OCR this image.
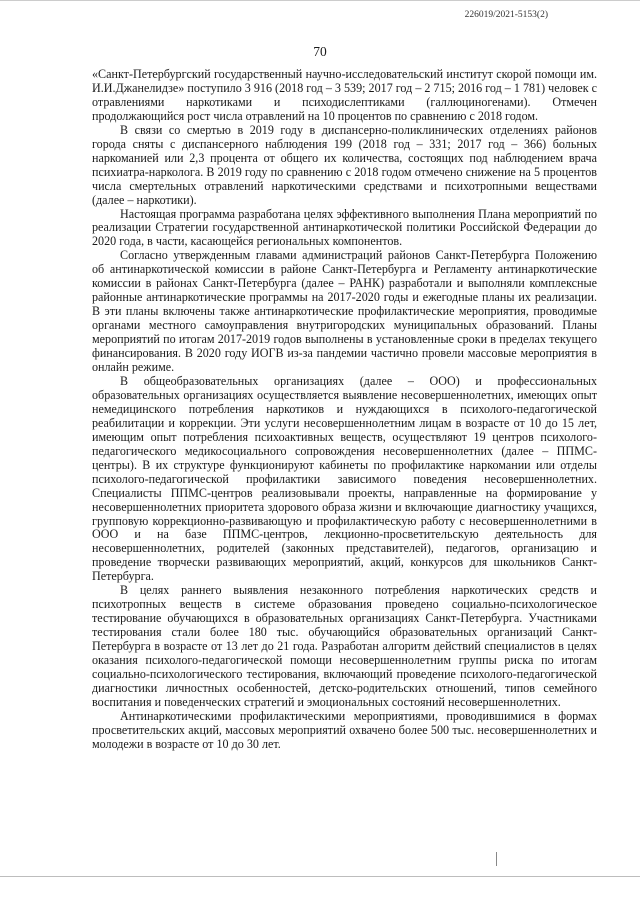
226019/2021-5153(2)
70

«Санкт-Петербургский государственный научно-исследовательский институт скорой помощи им. И.И.Джанелидзе» поступило 3 916 (2018 год – 3 539; 2017 год – 2 715; 2016 год – 1 781) человек с отравлениями наркотиками и психодислептиками (галлюциногенами). Отмечен продолжающийся рост числа отравлений на 10 процентов по сравнению с 2018 годом.

В связи со смертью в 2019 году в диспансерно-поликлинических отделениях районов города сняты с диспансерного наблюдения 199 (2018 год – 331; 2017 год – 366) больных наркоманией или 2,3 процента от общего их количества, состоящих под наблюдением врача психиатра-нарколога. В 2019 году по сравнению с 2018 годом отмечено снижение на 5 процентов числа смертельных отравлений наркотическими средствами и психотропными веществами (далее – наркотики).

Настоящая программа разработана целях эффективного выполнения Плана мероприятий по реализации Стратегии государственной антинаркотической политики Российской Федерации до 2020 года, в части, касающейся региональных компонентов.

Согласно утвержденным главами администраций районов Санкт-Петербурга Положению об антинаркотической комиссии в районе Санкт-Петербурга и Регламенту антинаркотические комиссии в районах Санкт-Петербурга (далее – РАНК) разработали и выполняли комплексные районные антинаркотические программы на 2017-2020 годы и ежегодные планы их реализации. В эти планы включены также антинаркотические профилактические мероприятия, проводимые органами местного самоуправления внутригородских муниципальных образований. Планы мероприятий по итогам 2017-2019 годов выполнены в установленные сроки в пределах текущего финансирования. В 2020 году ИОГВ из-за пандемии частично провели массовые мероприятия в онлайн режиме.

В общеобразовательных организациях (далее – ООО) и профессиональных образовательных организациях осуществляется выявление несовершеннолетних, имеющих опыт немедицинского потребления наркотиков и нуждающихся в психолого-педагогической реабилитации и коррекции. Эти услуги несовершеннолетним лицам в возрасте от 10 до 15 лет, имеющим опыт потребления психоактивных веществ, осуществляют 19 центров психолого-педагогического медикосоциального сопровождения несовершеннолетних (далее – ППМС-центры). В их структуре функционируют кабинеты по профилактике наркомании или отделы психолого-педагогической профилактики зависимого поведения несовершеннолетних. Специалисты ППМС-центров реализовывали проекты, направленные на формирование у несовершеннолетних приоритета здорового образа жизни и включающие диагностику учащихся, групповую коррекционно-развивающую и профилактическую работу с несовершеннолетними в ООО и на базе ППМС-центров, лекционно-просветительскую деятельность для несовершеннолетних, родителей (законных представителей), педагогов, организацию и проведение творчески развивающих мероприятий, акций, конкурсов для школьников Санкт-Петербурга.

В целях раннего выявления незаконного потребления наркотических средств и психотропных веществ в системе образования проведено социально-психологическое тестирование обучающихся в образовательных организациях Санкт-Петербурга. Участниками тестирования стали более 180 тыс. обучающийся образовательных организаций Санкт-Петербурга в возрасте от 13 лет до 21 года. Разработан алгоритм действий специалистов в целях оказания психолого-педагогической помощи несовершеннолетним группы риска по итогам социально-психологического тестирования, включающий проведение психолого-педагогической диагностики личностных особенностей, детско-родительских отношений, типов семейного воспитания и поведенческих стратегий и эмоциональных состояний несовершеннолетних.

Антинаркотическими профилактическими мероприятиями, проводившимися в формах просветительских акций, массовых мероприятий охвачено более 500 тыс. несовершеннолетних и молодежи в возрасте от 10 до 30 лет.
